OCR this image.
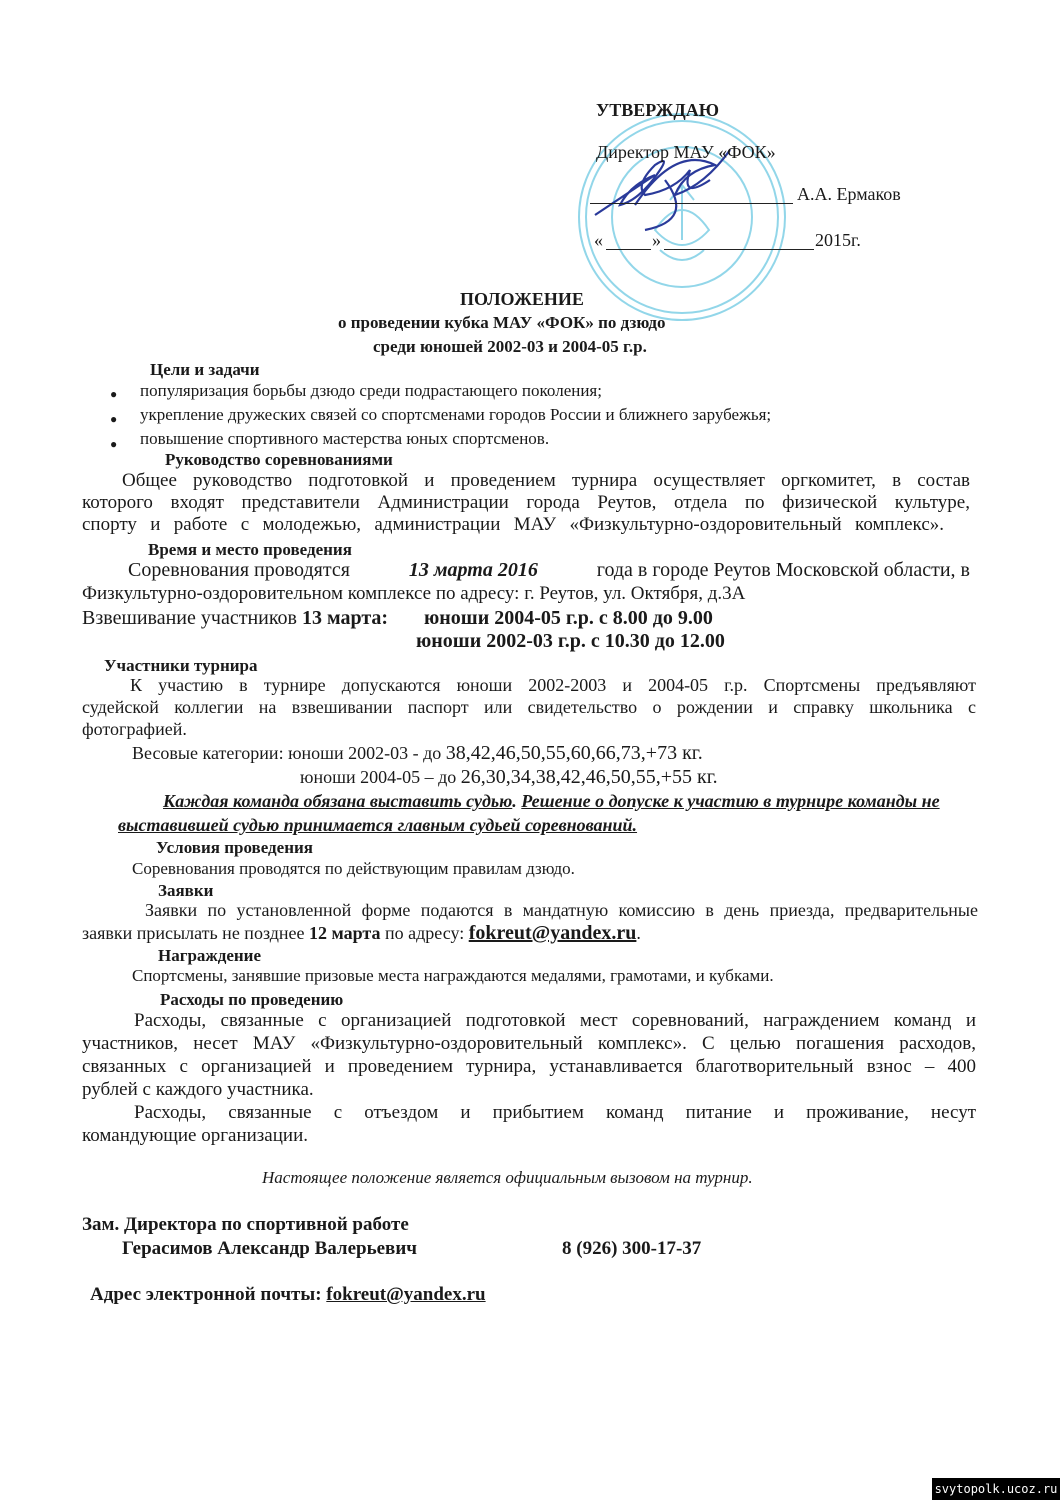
УТВЕРЖДАЮ
Директор МАУ «ФОК»
А.А. Ермаков
«	»	2015г.
ПОЛОЖЕНИЕ
о проведении кубка МАУ «ФОК» по дзюдо
среди юношей 2002-03 и 2004-05 г.р.
Цели и задачи
● популяризация борьбы дзюдо среди подрастающего поколения;
● укрепление дружеских связей со спортсменами городов России и ближнего зарубежья;
● повышение спортивного мастерства юных спортсменов.
Руководство соревнованиями
Общее руководство подготовкой и проведением турнира осуществляет оргкомитет, в состав
которого входят представители Администрации города Реутов, отдела по физической культуре,
спорту и работе с молодежью, администрации МАУ «Физкультурно-оздоровительный комплекс».
Время и место проведения
Соревнования проводятся	13 марта 2016	года в городе Реутов Московской области, в
Физкультурно-оздоровительном комплексе по адресу: г. Реутов, ул. Октября, д.3А
Взвешивание участников 13 марта: юноши 2004-05 г.р. с 8.00 до 9.00
юноши 2002-03 г.р. с 10.30 до 12.00
Участники турнира
К участию в турнире допускаются юноши 2002-2003 и 2004-05 г.р. Спортсмены предъявляют
судейской коллегии на взвешивании паспорт или свидетельство о рождении и справку школьника с
фотографией.
Весовые категории: юноши 2002-03 - до 38,42,46,50,55,60,66,73,+73 кг.
юноши 2004-05 – до 26,30,34,38,42,46,50,55,+55 кг.
Каждая команда обязана выставить судью. Решение о допуске к участию в турнире команды не
выставившей судью принимается главным судьей соревнований.
Условия проведения
Соревнования проводятся по действующим правилам дзюдо.
Заявки
Заявки по установленной форме подаются в мандатную комиссию в день приезда, предварительные
заявки присылать не позднее 12 марта по адресу: fokreut@yandex.ru.
Награждение
Спортсмены, занявшие призовые места награждаются медалями, грамотами, и кубками.
Расходы по проведению
Расходы, связанные с организацией подготовкой мест соревнований, награждением команд и
участников, несет МАУ «Физкультурно-оздоровительный комплекс». С целью погашения расходов,
связанных с организацией и проведением турнира, устанавливается благотворительный взнос – 400
рублей с каждого участника.
Расходы, связанные с отъездом и прибытием команд питание и проживание, несут
командующие организации.
Настоящее положение является официальным вызовом на турнир.
Зам. Директора по спортивной работе
Герасимов Александр Валерьевич	8 (926) 300-17-37
Адрес электронной почты: fokreut@yandex.ru
svytopolk.ucoz.ru
